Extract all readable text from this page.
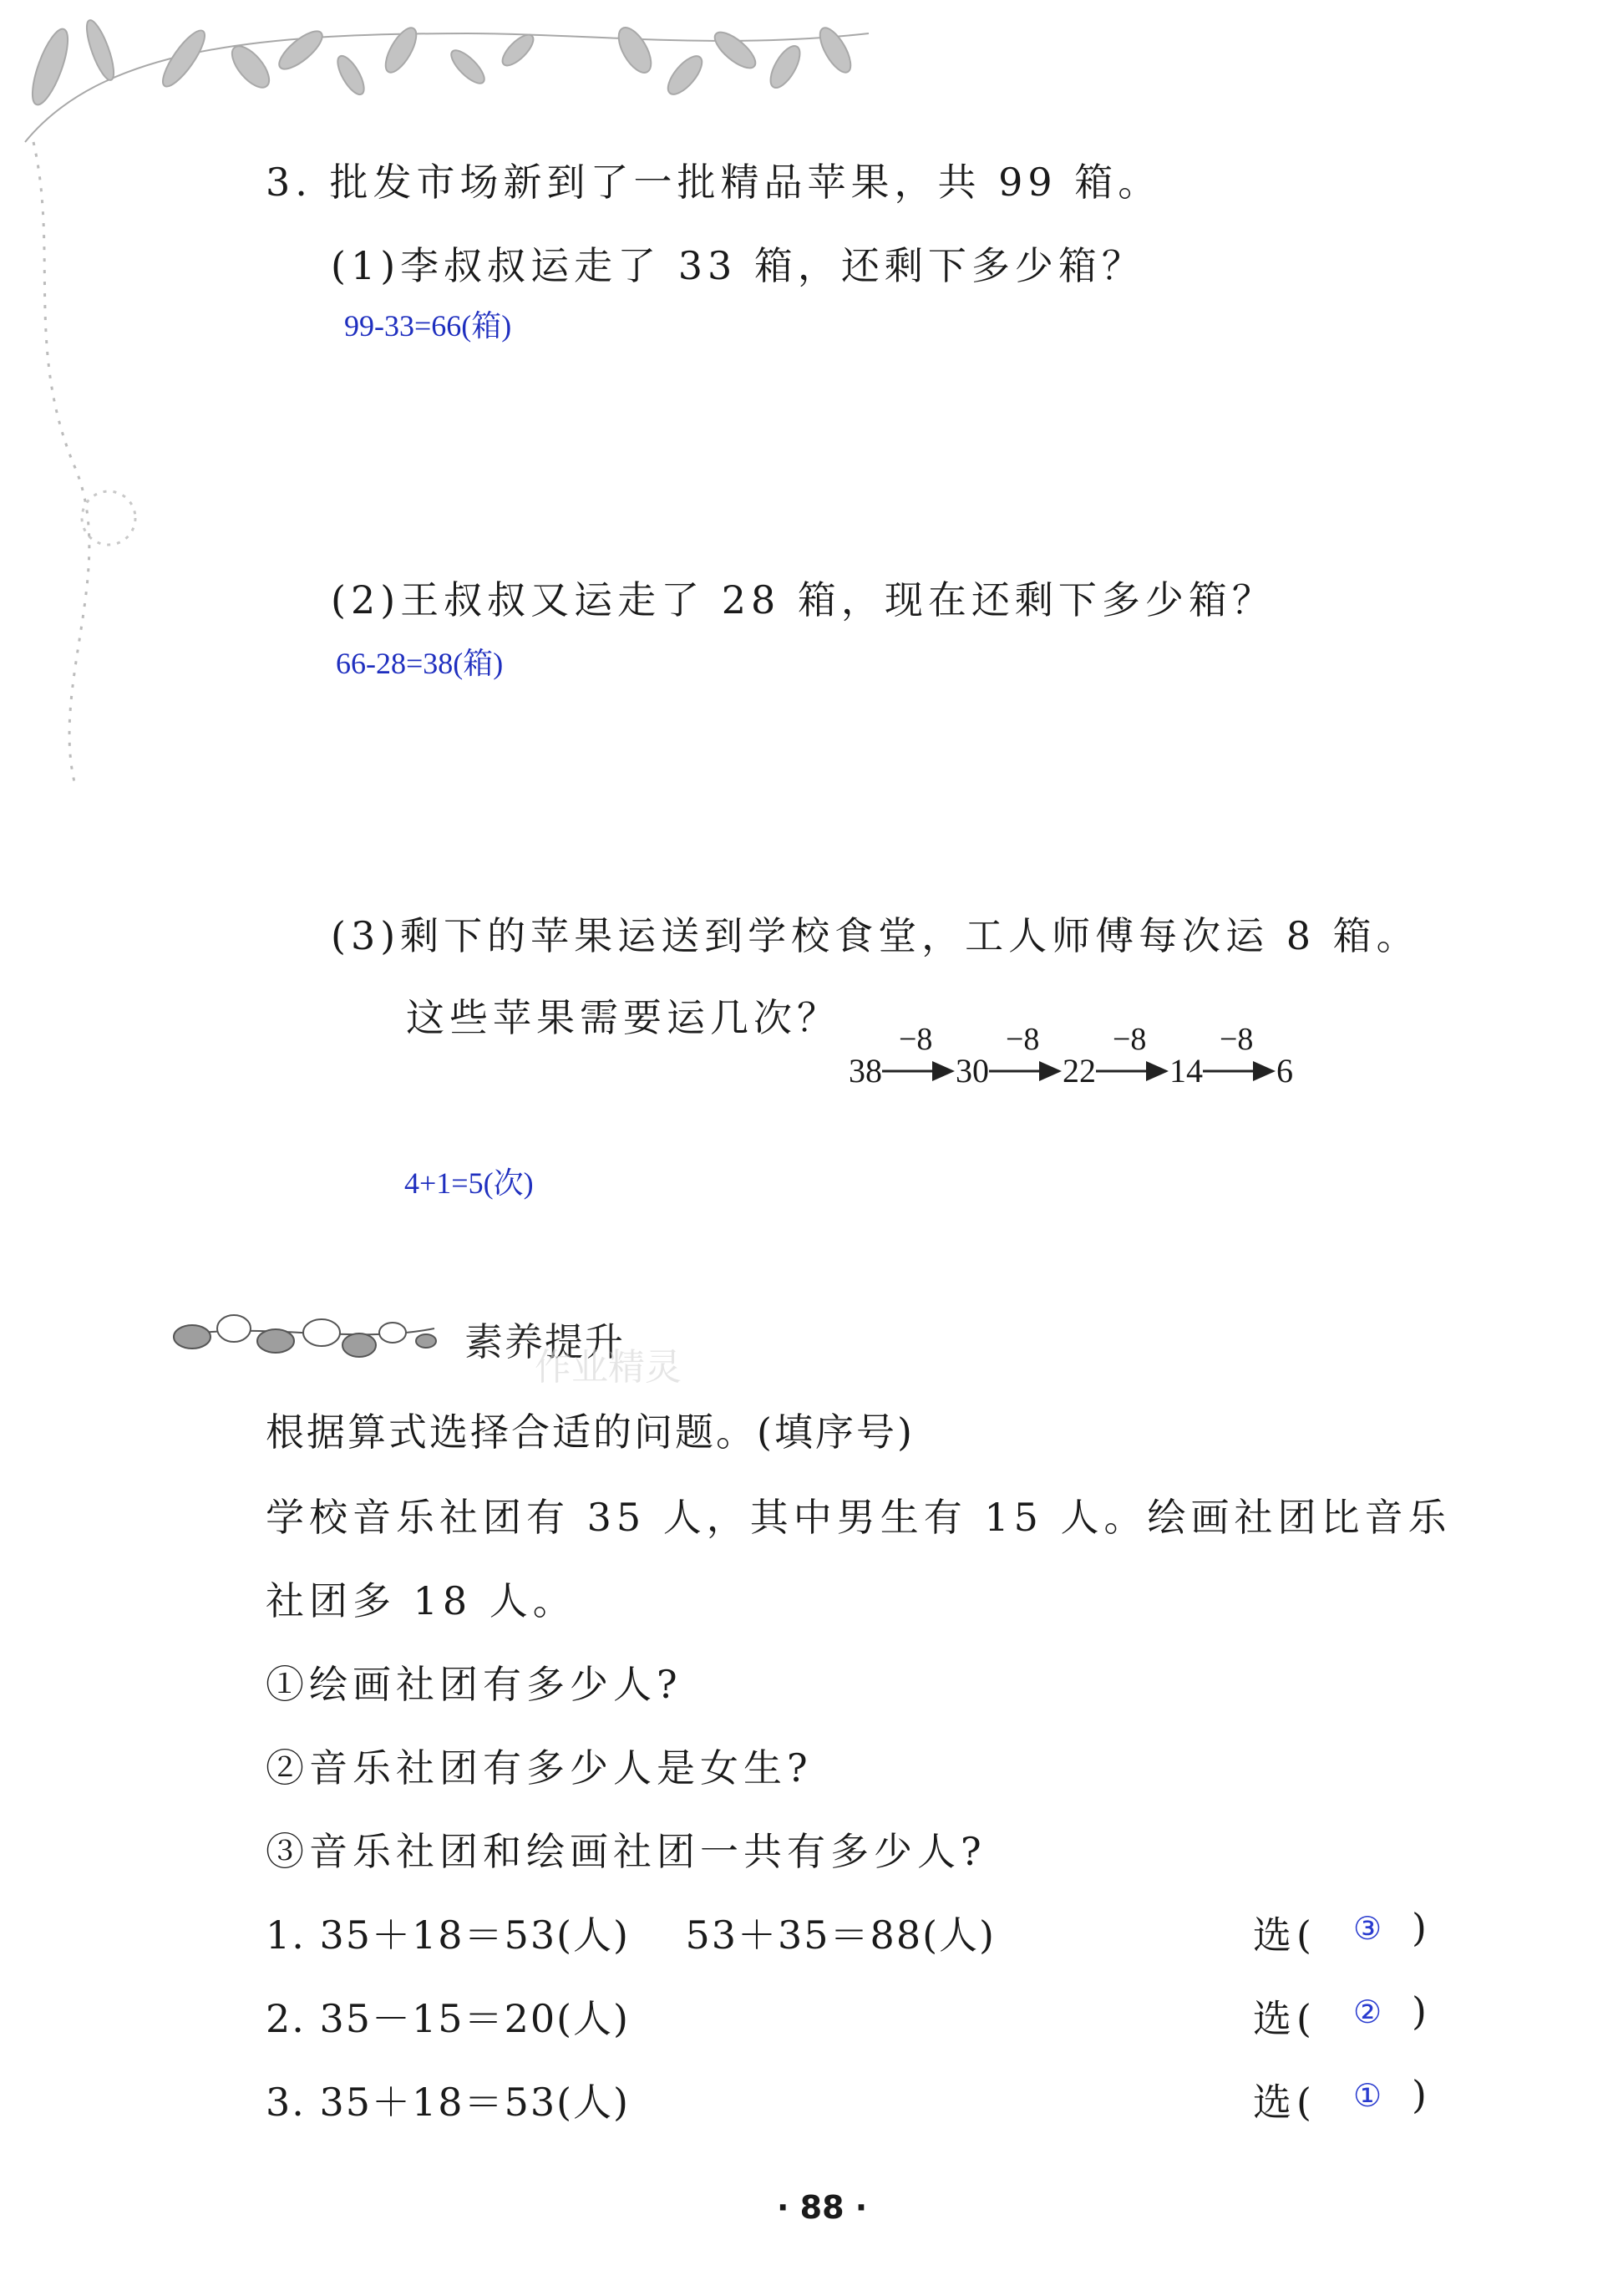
3. 批发市场新到了一批精品苹果，共 99 箱。
(1)李叔叔运走了 33 箱，还剩下多少箱？
99-33=66(箱)
(2)王叔叔又运走了 28 箱，现在还剩下多少箱？
66-28=38(箱)
(3)剩下的苹果运送到学校食堂，工人师傅每次运 8 箱。
这些苹果需要运几次？
38 30 22 14 6
−8 −8 −8 −8
4+1=5(次)
素养提升
作业精灵
根据算式选择合适的问题。(填序号)
学校音乐社团有 35 人，其中男生有 15 人。绘画社团比音乐
社团多 18 人。
①绘画社团有多少人?
②音乐社团有多少人是女生?
③音乐社团和绘画社团一共有多少人?
1. 35＋18＝53(人)    53＋35＝88(人)	选( ③ )
2. 35－15＝20(人)	选( ② )
3. 35＋18＝53(人)	选( ① )
· 88 ·
